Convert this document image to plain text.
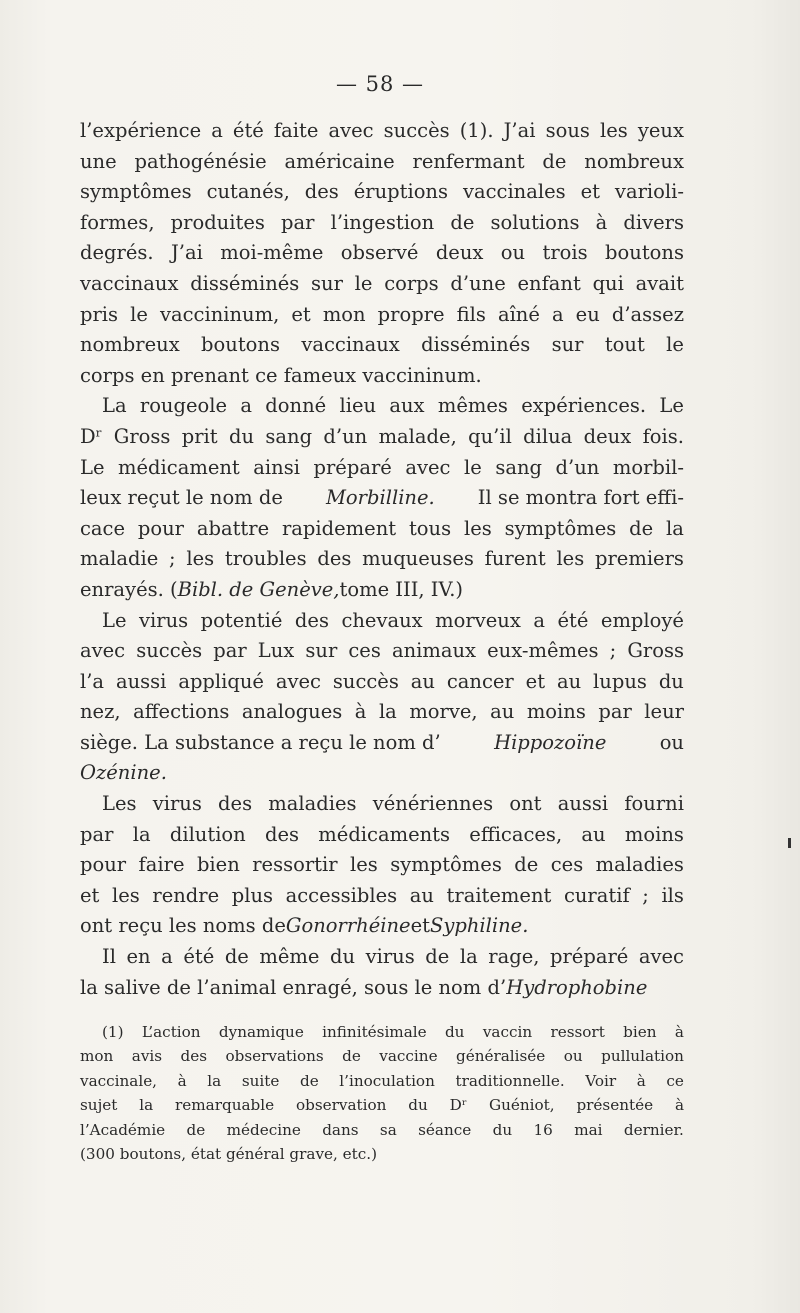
— 58 —
l’expérience a été faite avec succès (1). J’ai sous les yeux
une pathogénésie américaine renfermant de nombreux
symptômes cutanés, des éruptions vaccinales et varioli-
formes, produites par l’ingestion de solutions à divers
degrés. J’ai moi-même observé deux ou trois boutons
vaccinaux disséminés sur le corps d’une enfant qui avait
pris le vaccininum, et mon propre fils aîné a eu d’assez
nombreux boutons vaccinaux disséminés sur tout le
corps en prenant ce fameux vaccininum.
La rougeole a donné lieu aux mêmes expériences. Le
Dʳ Gross prit du sang d’un malade, qu’il dilua deux fois.
Le médicament ainsi préparé avec le sang d’un morbil-
leux reçut le nom de Morbilline. Il se montra fort effi-
cace pour abattre rapidement tous les symptômes de la
maladie ; les troubles des muqueuses furent les premiers
enrayés. ( Bibl. de Genève, tome III, IV.)
Le virus potentié des chevaux morveux a été employé
avec succès par Lux sur ces animaux eux-mêmes ; Gross
l’a aussi appliqué avec succès au cancer et au lupus du
nez, affections analogues à la morve, au moins par leur
siège. La substance a reçu le nom d’	Hippozoïne	ou
Ozénine.
Les virus des maladies vénériennes ont aussi fourni
par la dilution des médicaments efficaces, au moins
pour faire bien ressortir les symptômes de ces maladies
et les rendre plus accessibles au traitement curatif ; ils
ont reçu les noms de Gonorrhéine et Syphiline.
Il en a été de même du virus de la rage, préparé avec
la salive de l’animal enragé, sous le nom d’ Hydrophobine
(1) L’action dynamique infinitésimale du vaccin ressort bien à
mon avis des observations de vaccine généralisée ou pullulation
vaccinale, à la suite de l’inoculation traditionnelle. Voir à ce
sujet la remarquable observation du Dʳ Guéniot, présentée à
l’Académie de médecine dans sa séance du 16 mai dernier.
(300 boutons, état général grave, etc.)
